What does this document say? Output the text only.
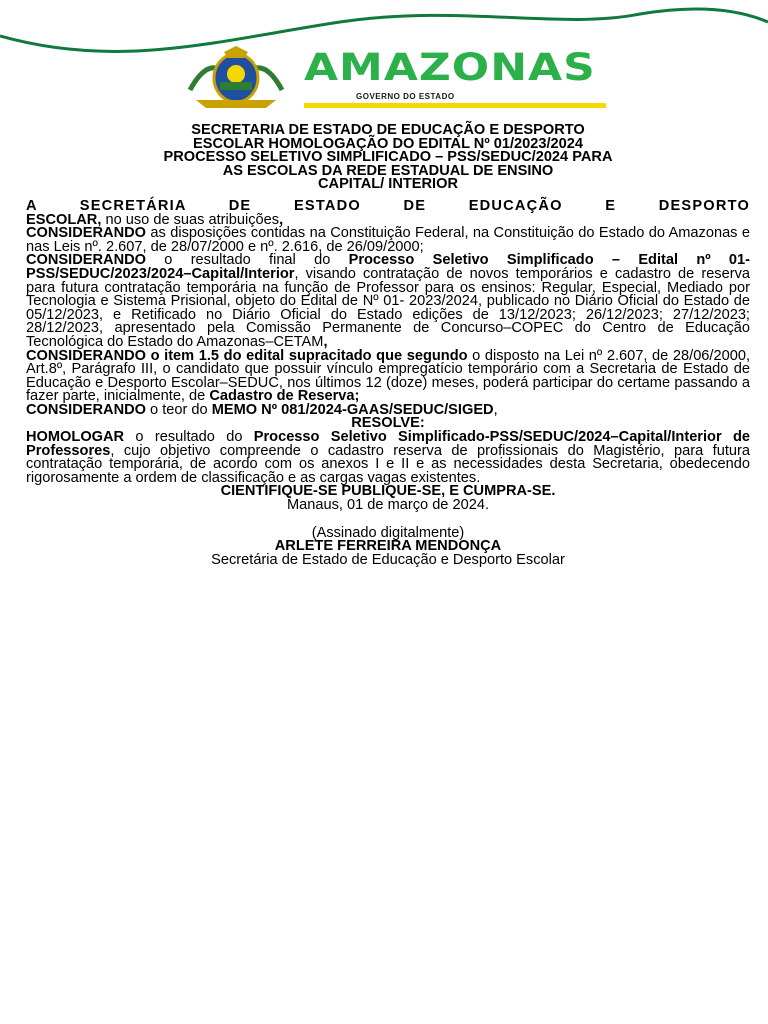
AMAZONAS
GOVERNO DO ESTADO
SECRETARIA DE ESTADO DE EDUCAÇÃO E DESPORTO
ESCOLAR HOMOLOGAÇÃO DO EDITAL Nº 01/2023/2024
PROCESSO SELETIVO SIMPLIFICADO – PSS/SEDUC/2024 PARA
AS ESCOLAS DA REDE ESTADUAL DE ENSINO
CAPITAL/ INTERIOR
A SECRETÁRIA DE ESTADO DE EDUCAÇÃO E DESPORTO

ESCOLAR, no uso de suas atribuições,

CONSIDERANDO as disposições contidas na Constituição Federal, na Constituição do Estado do Amazonas e nas Leis nº. 2.607, de 28/07/2000 e nº. 2.616, de 26/09/2000;

CONSIDERANDO o resultado final do Processo Seletivo Simplificado – Edital nº 01-PSS/SEDUC/2023/2024–Capital/Interior, visando contratação de novos temporários e cadastro de reserva para futura contratação temporária na função de Professor para os ensinos: Regular, Especial, Mediado por Tecnologia e Sistema Prisional, objeto do Edital de Nº 01- 2023/2024, publicado no Diário Oficial do Estado de 05/12/2023, e Retificado no Diário Oficial do Estado edições de 13/12/2023; 26/12/2023; 27/12/2023; 28/12/2023, apresentado pela Comissão Permanente de Concurso–COPEC do Centro de Educação Tecnológica do Estado do Amazonas–CETAM,

CONSIDERANDO o item 1.5 do edital supracitado que segundo o disposto na Lei nº 2.607, de 28/06/2000, Art.8º, Parágrafo III, o candidato que possuir vínculo empregatício temporário com a Secretaria de Estado de Educação e Desporto Escolar–SEDUC, nos últimos 12 (doze) meses, poderá participar do certame passando a fazer parte, inicialmente, de Cadastro de Reserva;

CONSIDERANDO o teor do MEMO Nº 081/2024-GAAS/SEDUC/SIGED,

RESOLVE:

HOMOLOGAR o resultado do Processo Seletivo Simplificado-PSS/SEDUC/2024–Capital/Interior de Professores, cujo objetivo compreende o cadastro reserva de profissionais do Magistério, para futura contratação temporária, de acordo com os anexos I e II e as necessidades desta Secretaria, obedecendo rigorosamente a ordem de classificação e as cargas vagas existentes.

CIENTIFIQUE-SE PUBLIQUE-SE, E CUMPRA-SE.

Manaus, 01 de março de 2024.

(Assinado digitalmente)

ARLETE FERREIRA MENDONÇA

Secretária de Estado de Educação e Desporto Escolar
